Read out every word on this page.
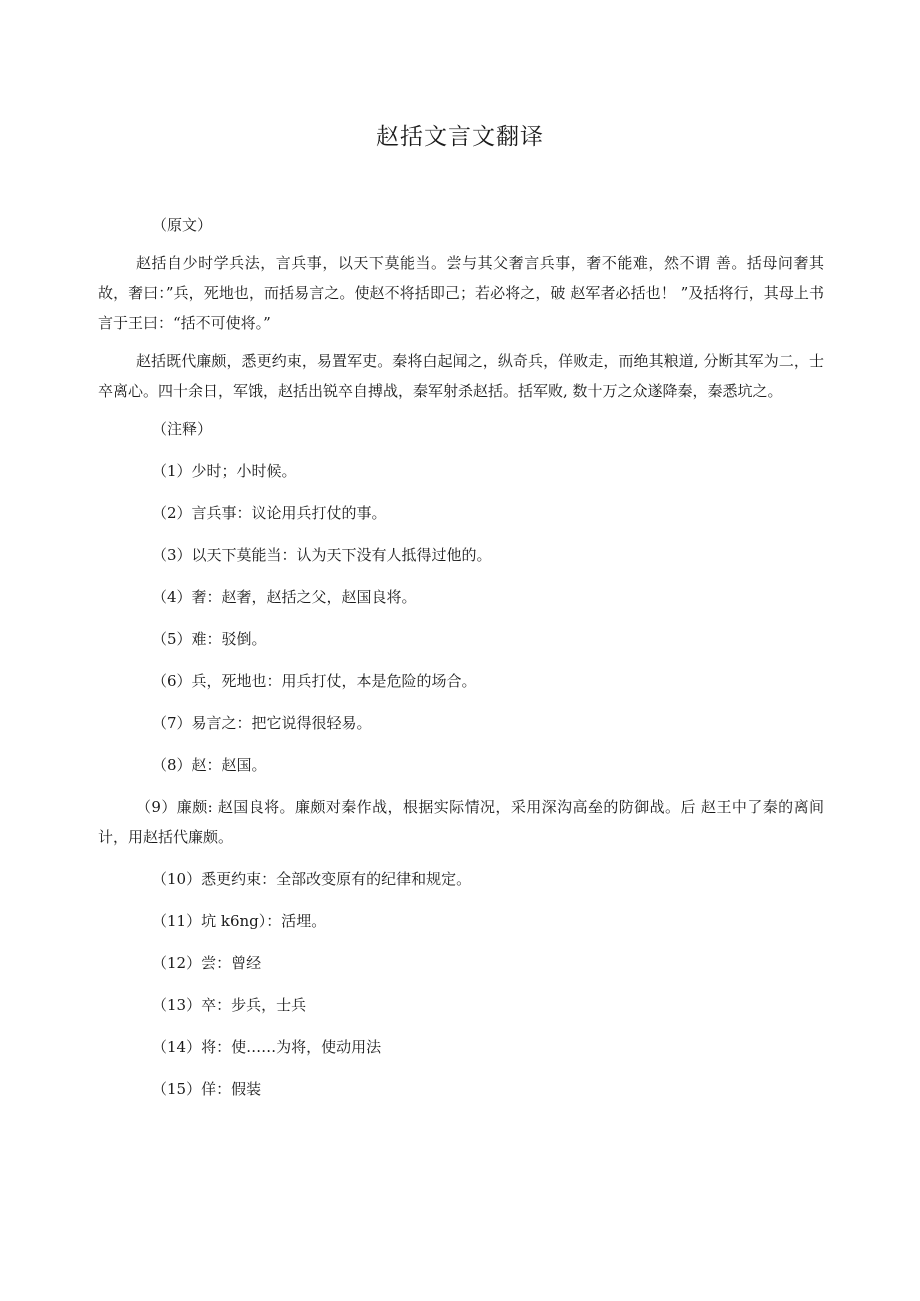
赵括文言文翻译

（原文）

赵括自少时学兵法，言兵事，以天下莫能当。尝与其父奢言兵事，奢不能难，然不谓 善。括母问奢其故，奢曰：”兵，死地也，而括易言之。使赵不将括即己；若必将之，破 赵军者必括也！ ”及括将行，其母上书言于王曰：“括不可使将。”

赵括既代廉颇，悉更约束，易置军吏。秦将白起闻之，纵奇兵，佯败走，而绝其粮道, 分断其军为二，士卒离心。四十余日，军饿，赵括出锐卒自搏战，秦军射杀赵括。括军败, 数十万之众遂降秦，秦悉坑之。

（注释）

（1）少时；小时候。

（2）言兵事：议论用兵打仗的事。

（3）以天下莫能当：认为天下没有人抵得过他的。

（4）奢：赵奢，赵括之父，赵国良将。

（5）难：驳倒。

（6）兵，死地也：用兵打仗，本是危险的场合。

（7）易言之：把它说得很轻易。

（8）赵：赵国。

（9）廉颇: 赵国良将。廉颇对秦作战，根据实际情况，采用深沟高垒的防御战。后 赵王中了秦的离间计，用赵括代廉颇。

（10）悉更约束：全部改变原有的纪律和规定。

（11）坑 k6ng）：活埋。

（12）尝：曾经

（13）卒：步兵，士兵

（14）将：使……为将，使动用法

（15）佯：假装
